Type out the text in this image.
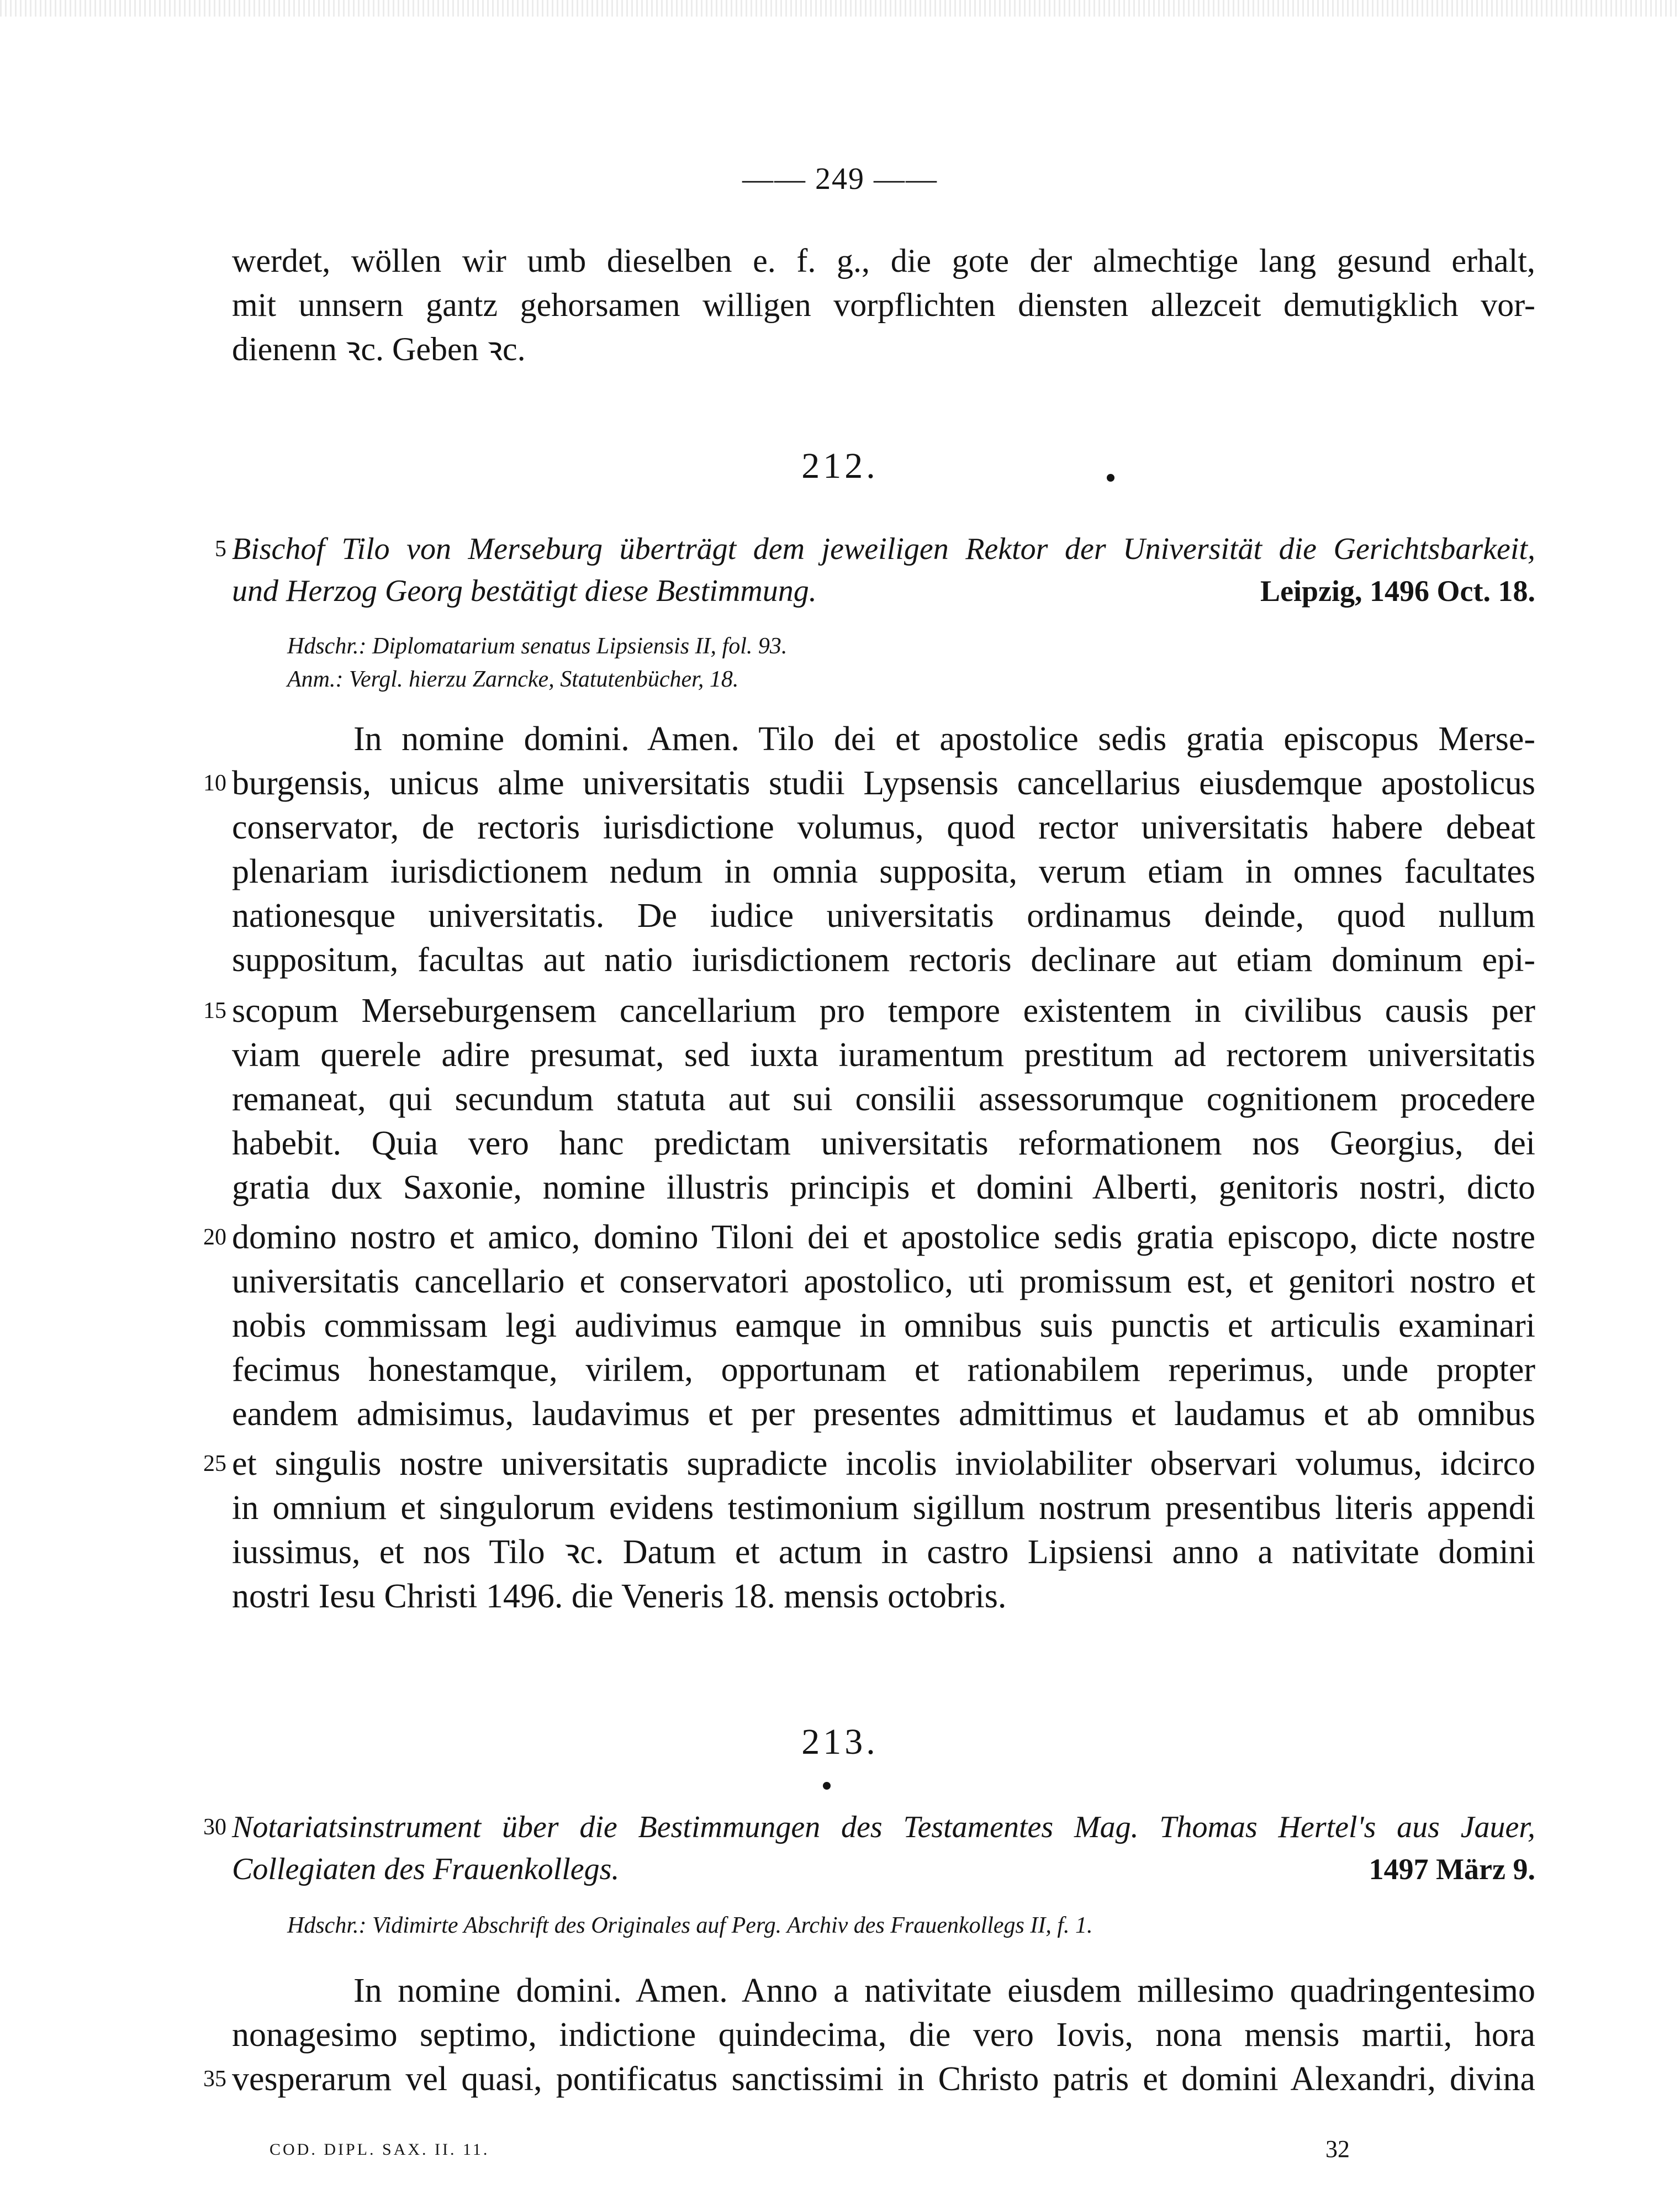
—— 249 ——
werdet, wöllen wir umb dieselben e. f. g., die gote der almechtige lang gesund erhalt,
mit unnsern gantz gehorsamen willigen vorpflichten diensten allezceit demutigklich vor-
dienenn ꝛc. Geben ꝛc.
212.
5 Bischof Tilo von Merseburg überträgt dem jeweiligen Rektor der Universität die Gerichtsbarkeit,
und Herzog Georg bestätigt diese Bestimmung.	Leipzig, 1496 Oct. 18.
Hdschr.: Diplomatarium senatus Lipsiensis II, fol. 93.
Anm.: Vergl. hierzu Zarncke, Statutenbücher, 18.
In nomine domini. Amen. Tilo dei et apostolice sedis gratia episcopus Merse-
10 burgensis, unicus alme universitatis studii Lypsensis cancellarius eiusdemque apostolicus
conservator, de rectoris iurisdictione volumus, quod rector universitatis habere debeat
plenariam iurisdictionem nedum in omnia supposita, verum etiam in omnes facultates
nationesque universitatis. De iudice universitatis ordinamus deinde, quod nullum
suppositum, facultas aut natio iurisdictionem rectoris declinare aut etiam dominum epi-
15 scopum Merseburgensem cancellarium pro tempore existentem in civilibus causis per
viam querele adire presumat, sed iuxta iuramentum prestitum ad rectorem universitatis
remaneat, qui secundum statuta aut sui consilii assessorumque cognitionem procedere
habebit. Quia vero hanc predictam universitatis reformationem nos Georgius, dei
gratia dux Saxonie, nomine illustris principis et domini Alberti, genitoris nostri, dicto
20 domino nostro et amico, domino Tiloni dei et apostolice sedis gratia episcopo, dicte nostre
universitatis cancellario et conservatori apostolico, uti promissum est, et genitori nostro et
nobis commissam legi audivimus eamque in omnibus suis punctis et articulis examinari
fecimus honestamque, virilem, opportunam et rationabilem reperimus, unde propter
eandem admisimus, laudavimus et per presentes admittimus et laudamus et ab omnibus
25 et singulis nostre universitatis supradicte incolis inviolabiliter observari volumus, idcirco
in omnium et singulorum evidens testimonium sigillum nostrum presentibus literis appendi
iussimus, et nos Tilo ꝛc. Datum et actum in castro Lipsiensi anno a nativitate domini
nostri Iesu Christi 1496. die Veneris 18. mensis octobris.
213.
30 Notariatsinstrument über die Bestimmungen des Testamentes Mag. Thomas Hertel's aus Jauer,
Collegiaten des Frauenkollegs.	1497 März 9.
Hdschr.: Vidimirte Abschrift des Originales auf Perg. Archiv des Frauenkollegs II, f. 1.
In nomine domini. Amen. Anno a nativitate eiusdem millesimo quadringentesimo
nonagesimo septimo, indictione quindecima, die vero Iovis, nona mensis martii, hora
35 vesperarum vel quasi, pontificatus sanctissimi in Christo patris et domini Alexandri, divina
COD. DIPL. SAX. II. 11.	32
